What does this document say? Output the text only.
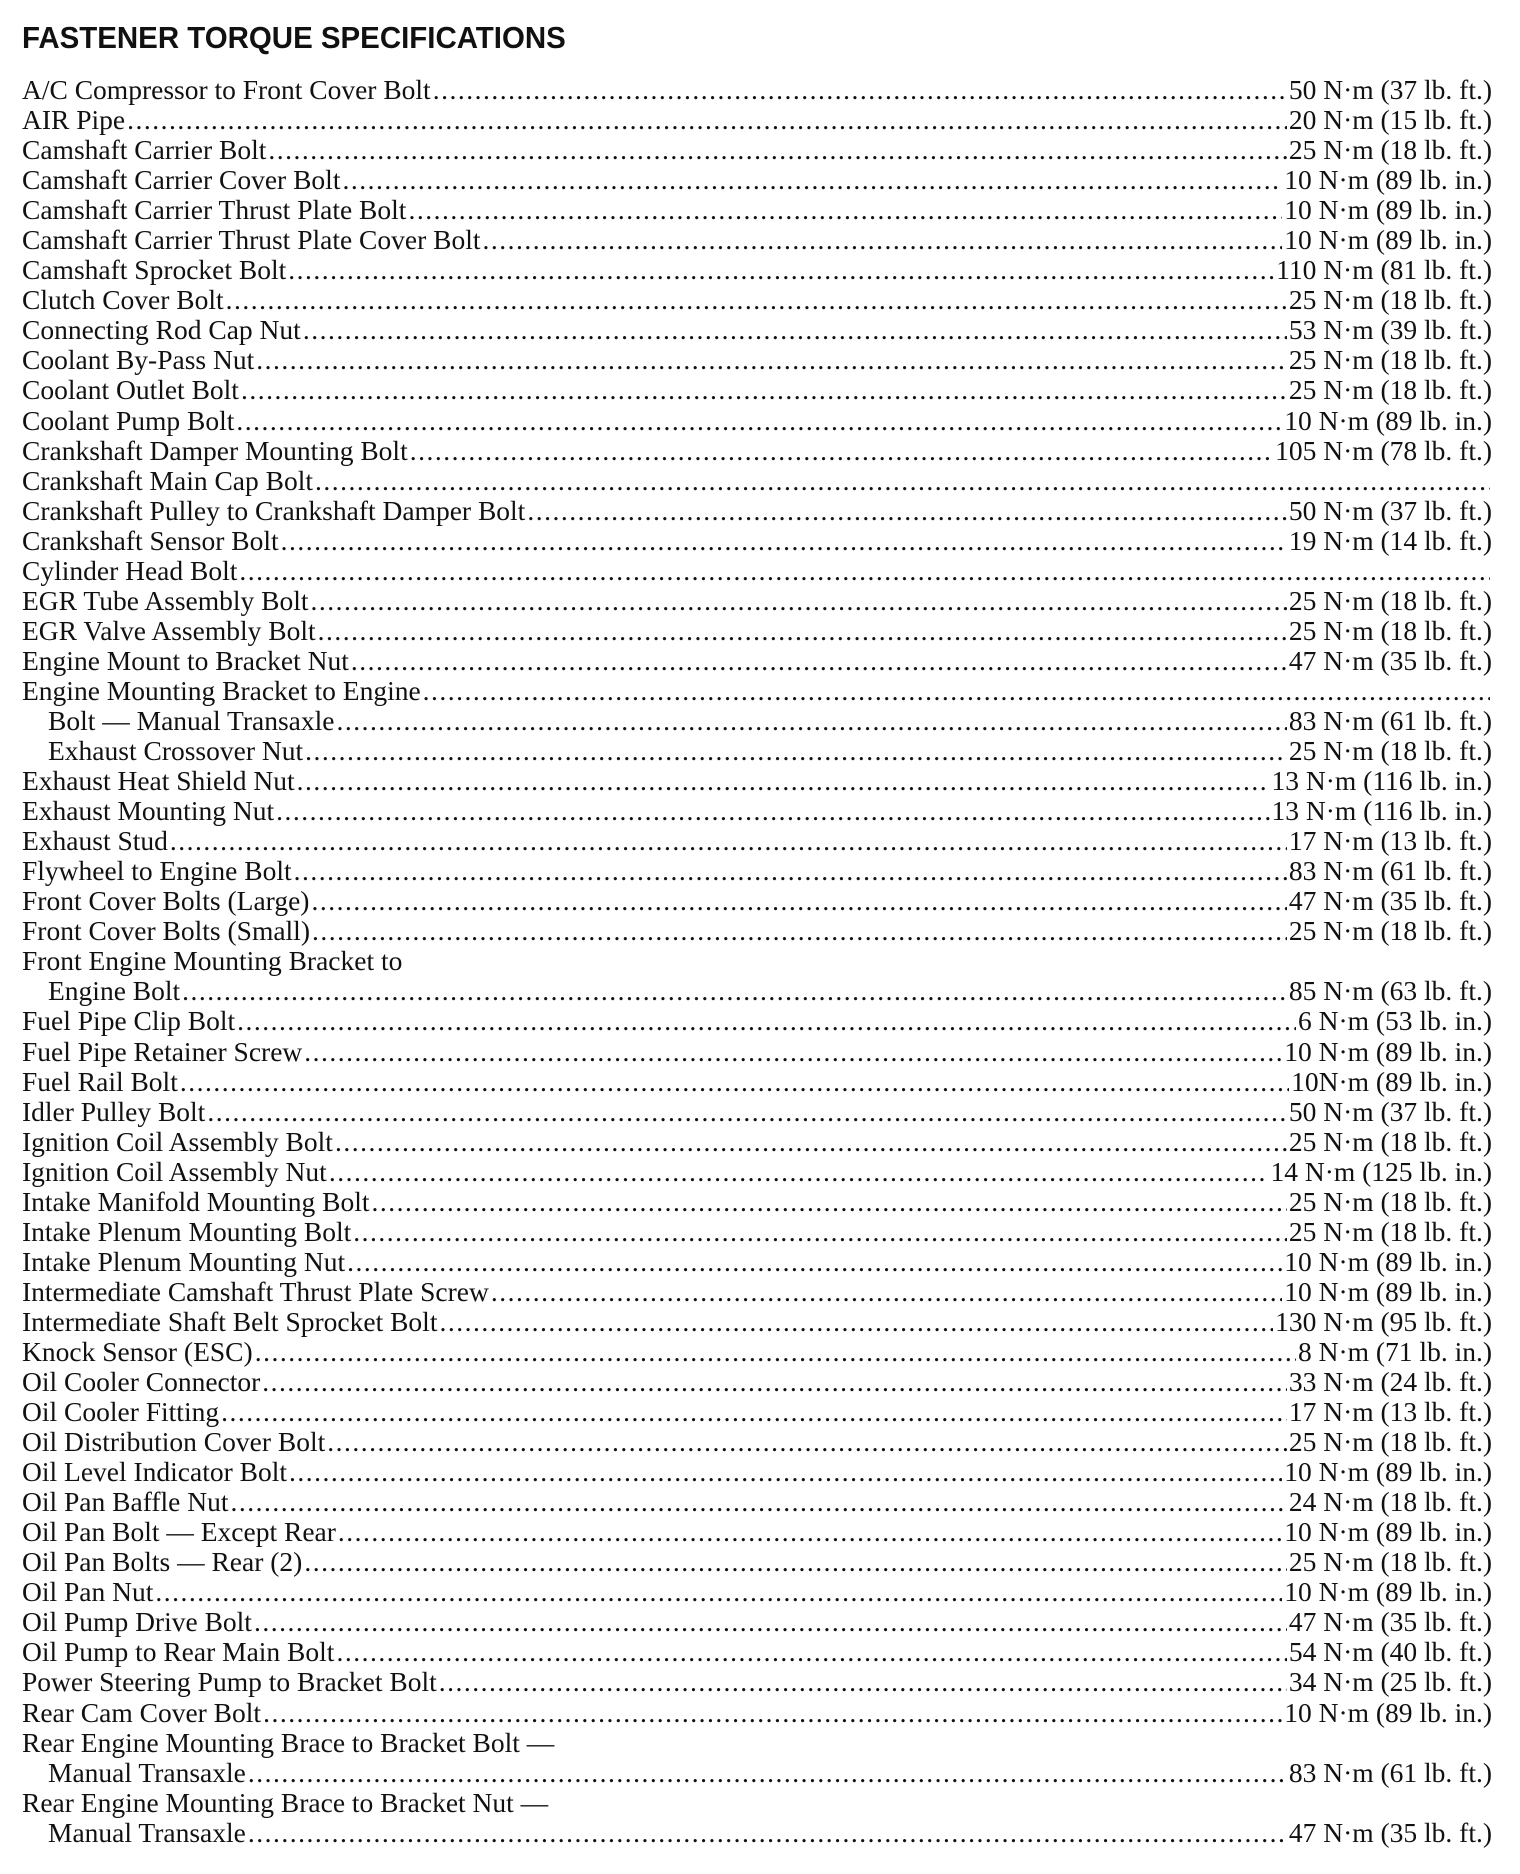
FASTENER TORQUE SPECIFICATIONS
A/C Compressor to Front Cover Bolt .....	50 N·m (37 lb. ft.)
AIR Pipe .....	20 N·m (15 lb. ft.)
Camshaft Carrier Bolt .....	25 N·m (18 lb. ft.)
Camshaft Carrier Cover Bolt .....	10 N·m (89 lb. in.)
Camshaft Carrier Thrust Plate Bolt .....	10 N·m (89 lb. in.)
Camshaft Carrier Thrust Plate Cover Bolt .....	10 N·m (89 lb. in.)
Camshaft Sprocket Bolt .....	110 N·m (81 lb. ft.)
Clutch Cover Bolt .....	25 N·m (18 lb. ft.)
Connecting Rod Cap Nut .....	53 N·m (39 lb. ft.)
Coolant By-Pass Nut .....	25 N·m (18 lb. ft.)
Coolant Outlet Bolt .....	25 N·m (18 lb. ft.)
Coolant Pump Bolt .....	10 N·m (89 lb. in.)
Crankshaft Damper Mounting Bolt .....	105 N·m (78 lb. ft.)
Crankshaft Main Cap Bolt
.....
Crankshaft Pulley to Crankshaft Damper Bolt .....	50 N·m (37 lb. ft.)
Crankshaft Sensor Bolt .....	19 N·m (14 lb. ft.)
Cylinder Head Bolt
.....
EGR Tube Assembly Bolt .....	25 N·m (18 lb. ft.)
EGR Valve Assembly Bolt .....	25 N·m (18 lb. ft.)
Engine Mount to Bracket Nut .....	47 N·m (35 lb. ft.)
Engine Mounting Bracket to Engine
.....
Bolt — Manual Transaxle .....	83 N·m (61 lb. ft.)
Exhaust Crossover Nut .....	25 N·m (18 lb. ft.)
Exhaust Heat Shield Nut .....	13 N·m (116 lb. in.)
Exhaust Mounting Nut .....	13 N·m (116 lb. in.)
Exhaust Stud .....	17 N·m (13 lb. ft.)
Flywheel to Engine Bolt .....	83 N·m (61 lb. ft.)
Front Cover Bolts (Large) .....	47 N·m (35 lb. ft.)
Front Cover Bolts (Small) .....	25 N·m (18 lb. ft.)
Front Engine Mounting Bracket to
Engine Bolt .....	85 N·m (63 lb. ft.)
Fuel Pipe Clip Bolt .....	6 N·m (53 lb. in.)
Fuel Pipe Retainer Screw .....	10 N·m (89 lb. in.)
Fuel Rail Bolt .....	10N·m (89 lb. in.)
Idler Pulley Bolt .....	50 N·m (37 lb. ft.)
Ignition Coil Assembly Bolt .....	25 N·m (18 lb. ft.)
Ignition Coil Assembly Nut .....	14 N·m (125 lb. in.)
Intake Manifold Mounting Bolt .....	25 N·m (18 lb. ft.)
Intake Plenum Mounting Bolt .....	25 N·m (18 lb. ft.)
Intake Plenum Mounting Nut .....	10 N·m (89 lb. in.)
Intermediate Camshaft Thrust Plate Screw .....	10 N·m (89 lb. in.)
Intermediate Shaft Belt Sprocket Bolt .....	130 N·m (95 lb. ft.)
Knock Sensor (ESC) .....	8 N·m (71 lb. in.)
Oil Cooler Connector .....	33 N·m (24 lb. ft.)
Oil Cooler Fitting .....	17 N·m (13 lb. ft.)
Oil Distribution Cover Bolt .....	25 N·m (18 lb. ft.)
Oil Level Indicator Bolt .....	10 N·m (89 lb. in.)
Oil Pan Baffle Nut .....	24 N·m (18 lb. ft.)
Oil Pan Bolt — Except Rear .....	10 N·m (89 lb. in.)
Oil Pan Bolts — Rear (2) .....	25 N·m (18 lb. ft.)
Oil Pan Nut .....	10 N·m (89 lb. in.)
Oil Pump Drive Bolt .....	47 N·m (35 lb. ft.)
Oil Pump to Rear Main Bolt .....	54 N·m (40 lb. ft.)
Power Steering Pump to Bracket Bolt .....	34 N·m (25 lb. ft.)
Rear Cam Cover Bolt .....	10 N·m (89 lb. in.)
Rear Engine Mounting Brace to Bracket Bolt —
Manual Transaxle .....	83 N·m (61 lb. ft.)
Rear Engine Mounting Brace to Bracket Nut —
Manual Transaxle .....	47 N·m (35 lb. ft.)
